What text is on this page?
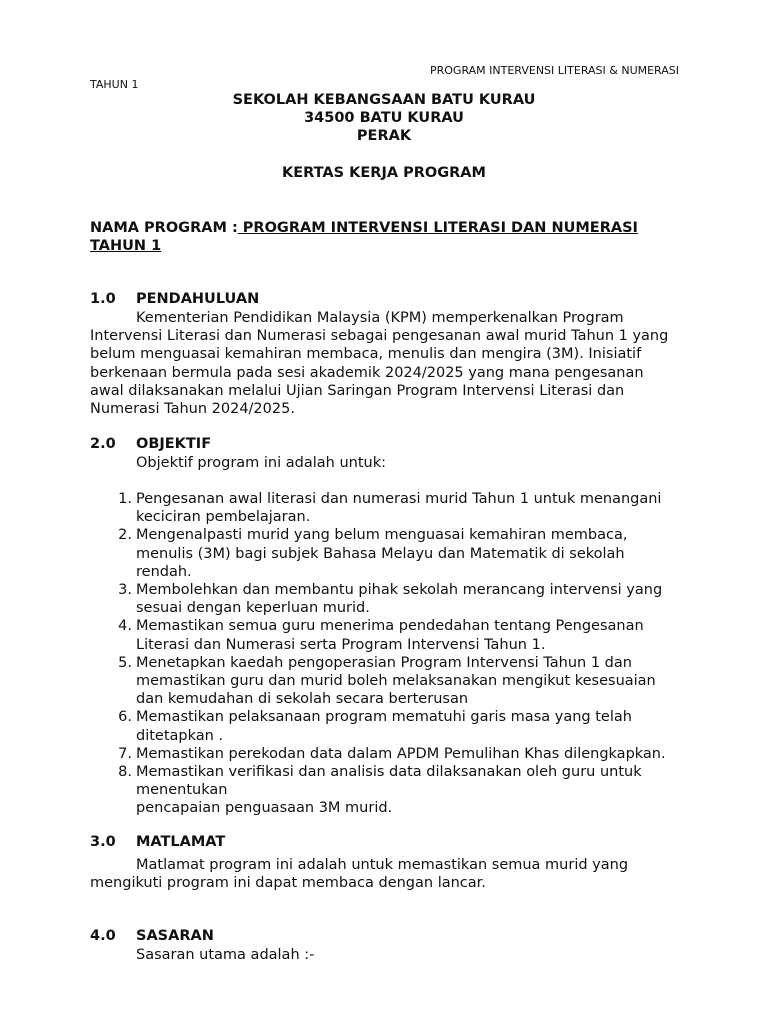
PROGRAM INTERVENSI LITERASI & NUMERASI
TAHUN 1
SEKOLAH KEBANGSAAN BATU KURAU
34500 BATU KURAU
PERAK
KERTAS KERJA PROGRAM
NAMA PROGRAM : PROGRAM INTERVENSI LITERASI DAN NUMERASI
TAHUN 1
1.0 PENDAHULUAN
Kementerian Pendidikan Malaysia (KPM) memperkenalkan Program
Intervensi Literasi dan Numerasi sebagai pengesanan awal murid Tahun 1 yang
belum menguasai kemahiran membaca, menulis dan mengira (3M). Inisiatif
berkenaan bermula pada sesi akademik 2024/2025 yang mana pengesanan
awal dilaksanakan melalui Ujian Saringan Program Intervensi Literasi dan
Numerasi Tahun 2024/2025.
2.0 OBJEKTIF
Objektif program ini adalah untuk:
1. Pengesanan awal literasi dan numerasi murid Tahun 1 untuk menangani
keciciran pembelajaran.
2. Mengenalpasti murid yang belum menguasai kemahiran membaca,
menulis (3M) bagi subjek Bahasa Melayu dan Matematik di sekolah
rendah.
3. Membolehkan dan membantu pihak sekolah merancang intervensi yang
sesuai dengan keperluan murid.
4. Memastikan semua guru menerima pendedahan tentang Pengesanan
Literasi dan Numerasi serta Program Intervensi Tahun 1.
5. Menetapkan kaedah pengoperasian Program Intervensi Tahun 1 dan
memastikan guru dan murid boleh melaksanakan mengikut kesesuaian
dan kemudahan di sekolah secara berterusan
6. Memastikan pelaksanaan program mematuhi garis masa yang telah
ditetapkan .
7. Memastikan perekodan data dalam APDM Pemulihan Khas dilengkapkan.
8. Memastikan verifikasi dan analisis data dilaksanakan oleh guru untuk
menentukan
pencapaian penguasaan 3M murid.
3.0 MATLAMAT
Matlamat program ini adalah untuk memastikan semua murid yang
mengikuti program ini dapat membaca dengan lancar.
4.0 SASARAN
Sasaran utama adalah :-
